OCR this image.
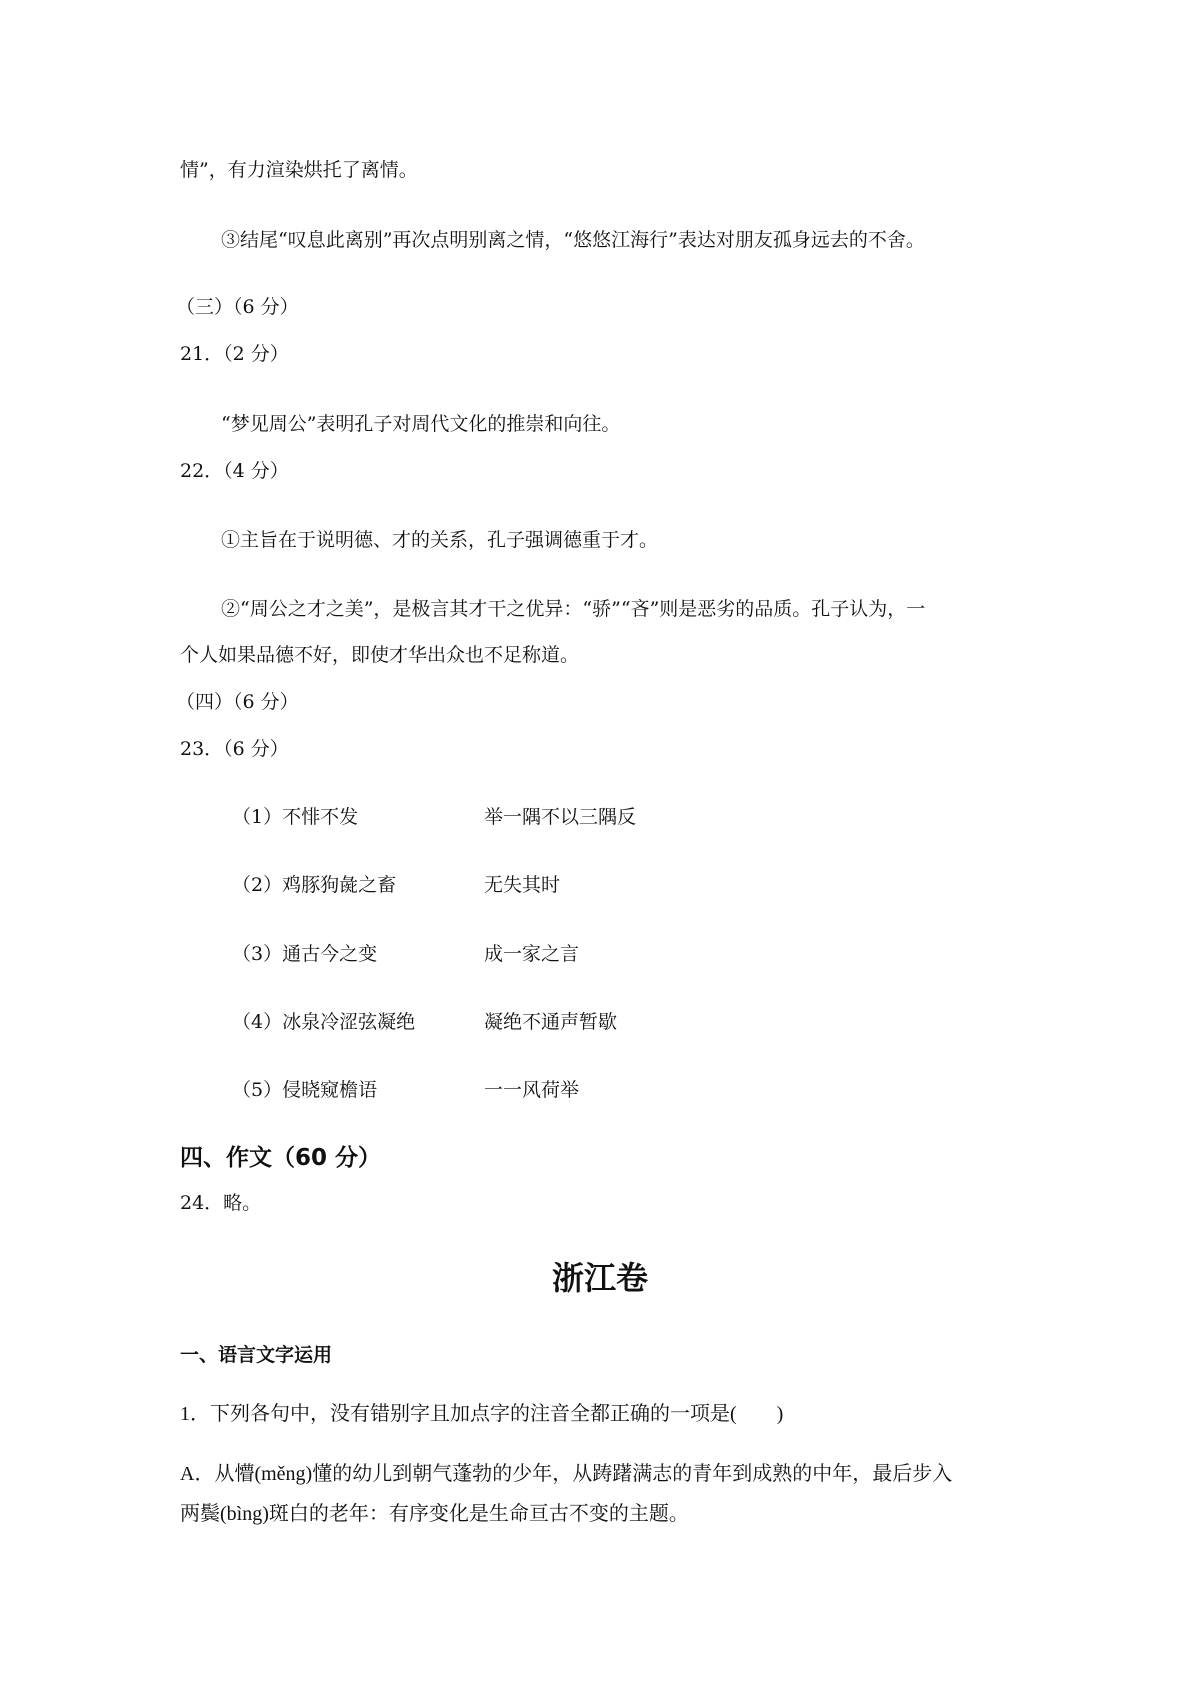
情”，有力渲染烘托了离情。
③结尾“叹息此离别”再次点明别离之情，“悠悠江海行”表达对朋友孤身远去的不舍。
（三）（6 分）
21．（2 分）
“梦见周公”表明孔子对周代文化的推崇和向往。
22．（4 分）
①主旨在于说明德、才的关系，孔子强调德重于才。
②“周公之才之美”，是极言其才干之优异：“骄”“吝”则是恶劣的品质。孔子认为，一
个人如果品德不好，即使才华出众也不足称道。
（四）（6 分）
23．（6 分）
（1）不悱不发	举一隅不以三隅反
（2）鸡豚狗彘之畜	无失其时
（3）通古今之变	成一家之言
（4）冰泉冷涩弦凝绝	凝绝不通声暂歇
（5）侵晓窥檐语	一一风荷举
四、作文（60 分）
24．略。
浙江卷
一、语言文字运用
1．下列各句中，没有错别字且加点字的注音全都正确的一项是(　　)
A．从懵(měng)懂的幼儿到朝气蓬勃的少年，从踌躇满志的青年到成熟的中年，最后步入
两鬓(bìng)斑白的老年：有序变化是生命亘古不变的主题。
